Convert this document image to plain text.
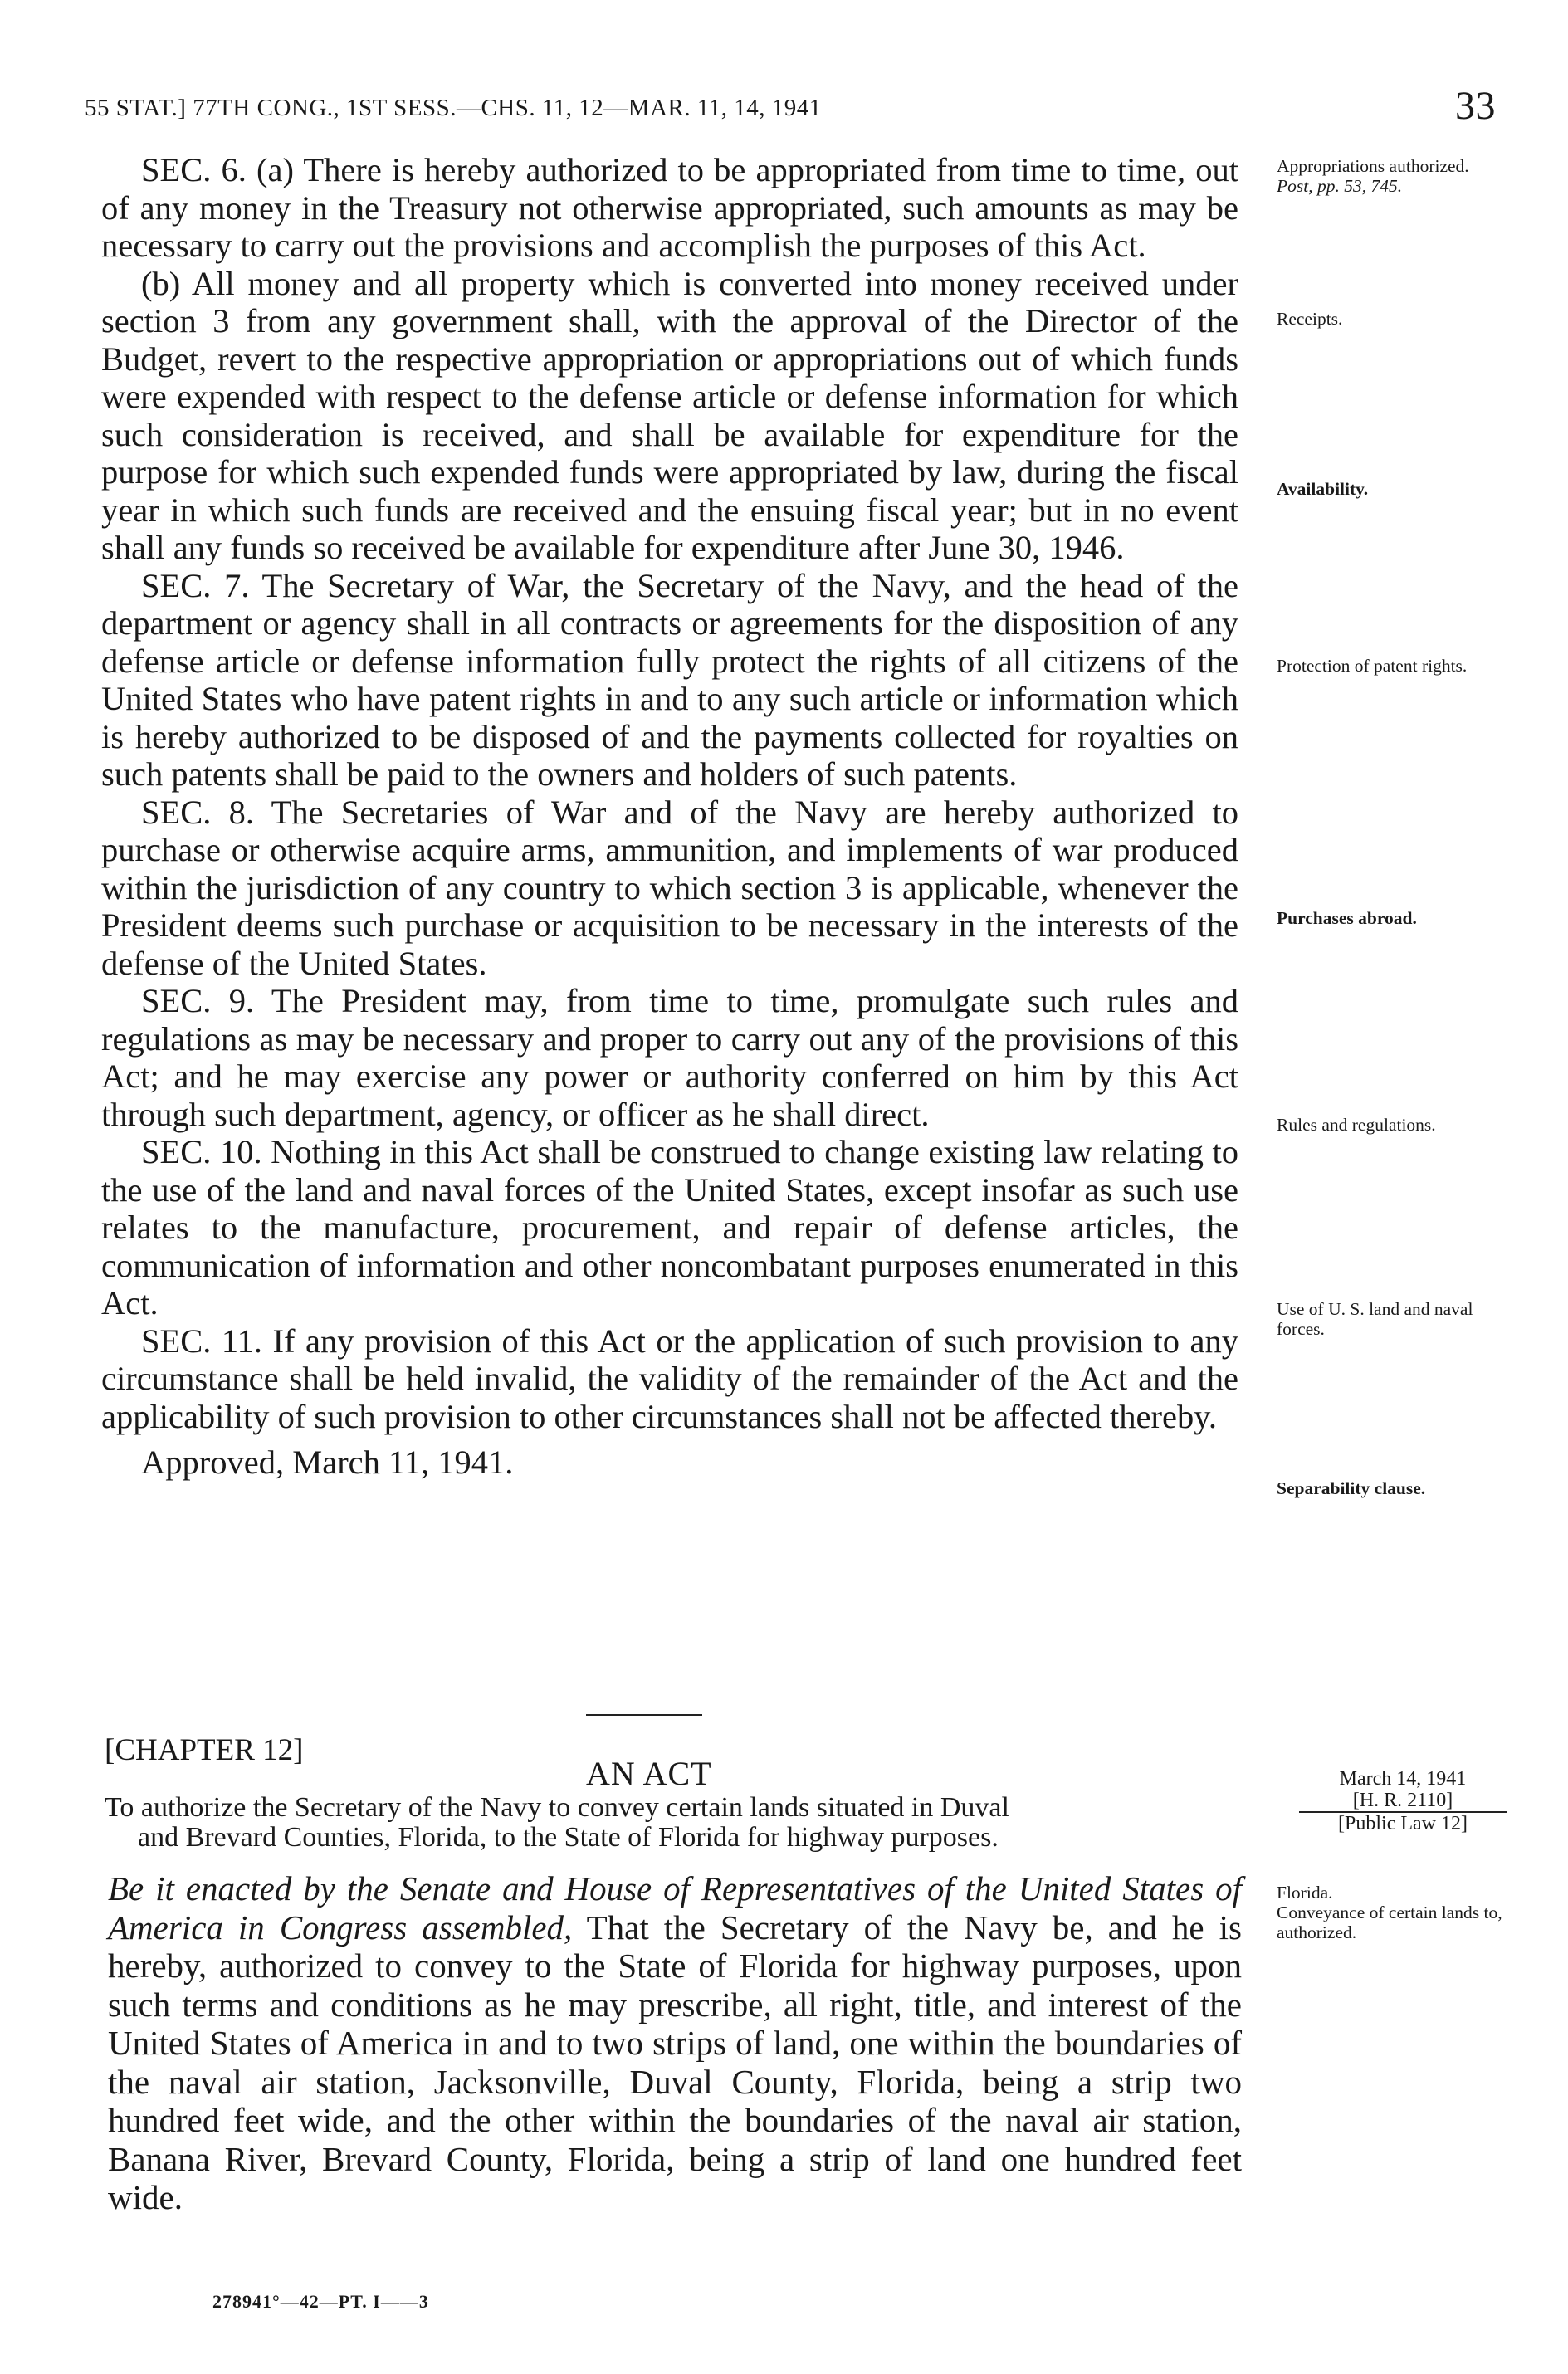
55 STAT.] 77TH CONG., 1ST SESS.—CHS. 11, 12—MAR. 11, 14, 1941	33

SEC. 6. (a) There is hereby authorized to be appropriated from time to time, out of any money in the Treasury not otherwise appropriated, such amounts as may be necessary to carry out the provisions and accomplish the purposes of this Act.

(b) All money and all property which is converted into money received under section 3 from any government shall, with the approval of the Director of the Budget, revert to the respective appropriation or appropriations out of which funds were expended with respect to the defense article or defense information for which such consideration is received, and shall be available for expenditure for the purpose for which such expended funds were appropriated by law, during the fiscal year in which such funds are received and the ensuing fiscal year; but in no event shall any funds so received be available for expenditure after June 30, 1946.

SEC. 7. The Secretary of War, the Secretary of the Navy, and the head of the department or agency shall in all contracts or agreements for the disposition of any defense article or defense information fully protect the rights of all citizens of the United States who have patent rights in and to any such article or information which is hereby authorized to be disposed of and the payments collected for royalties on such patents shall be paid to the owners and holders of such patents.

SEC. 8. The Secretaries of War and of the Navy are hereby authorized to purchase or otherwise acquire arms, ammunition, and implements of war produced within the jurisdiction of any country to which section 3 is applicable, whenever the President deems such purchase or acquisition to be necessary in the interests of the defense of the United States.

SEC. 9. The President may, from time to time, promulgate such rules and regulations as may be necessary and proper to carry out any of the provisions of this Act; and he may exercise any power or authority conferred on him by this Act through such department, agency, or officer as he shall direct.

SEC. 10. Nothing in this Act shall be construed to change existing law relating to the use of the land and naval forces of the United States, except insofar as such use relates to the manufacture, procurement, and repair of defense articles, the communication of information and other noncombatant purposes enumerated in this Act.

SEC. 11. If any provision of this Act or the application of such provision to any circumstance shall be held invalid, the validity of the remainder of the Act and the applicability of such provision to other circumstances shall not be affected thereby.

Approved, March 11, 1941.

Appropriations authorized.
Post, pp. 53, 745.
Receipts.
Availability.
Protection of patent rights.
Purchases abroad.
Rules and regulations.
Use of U. S. land and naval forces.
Separability clause.
[CHAPTER 12]
AN ACT
To authorize the Secretary of the Navy to convey certain lands situated in Duval
and Brevard Counties, Florida, to the State of Florida for highway purposes.
March 14, 1941
[H. R. 2110]
[Public Law 12]
Florida.
Conveyance of certain lands to, authorized.

Be it enacted by the Senate and House of Representatives of the United States of America in Congress assembled, That the Secretary of the Navy be, and he is hereby, authorized to convey to the State of Florida for highway purposes, upon such terms and conditions as he may prescribe, all right, title, and interest of the United States of America in and to two strips of land, one within the boundaries of the naval air station, Jacksonville, Duval County, Florida, being a strip two hundred feet wide, and the other within the boundaries of the naval air station, Banana River, Brevard County, Florida, being a strip of land one hundred feet wide.

278941°—42—PT. I——3
